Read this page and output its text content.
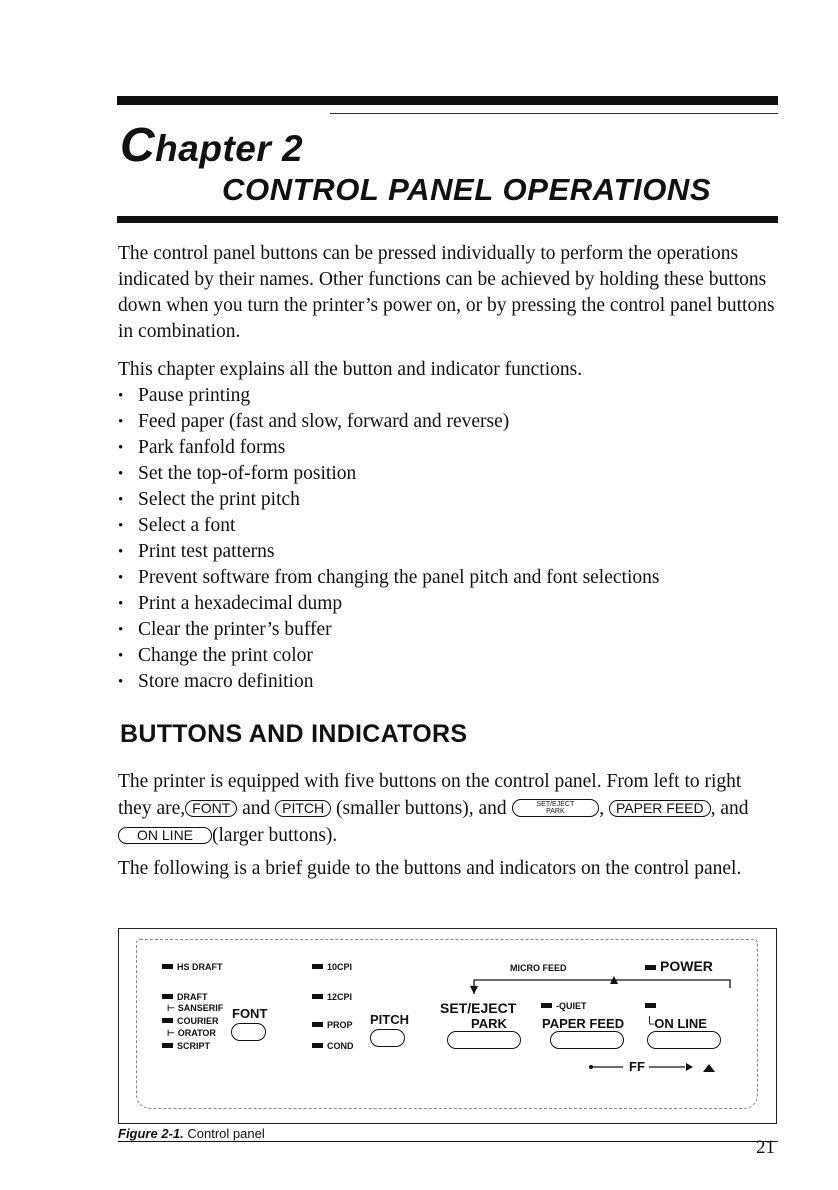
Chapter 2
CONTROL PANEL OPERATIONS
The control panel buttons can be pressed individually to perform the operations indicated by their names. Other functions can be achieved by holding these buttons down when you turn the printer’s power on, or by pressing the control panel buttons in combination.
This chapter explains all the button and indicator functions.
• Pause printing
• Feed paper (fast and slow, forward and reverse)
• Park fanfold forms
• Set the top-of-form position
• Select the print pitch
• Select a font
• Print test patterns
• Prevent software from changing the panel pitch and font selections
• Print a hexadecimal dump
• Clear the printer’s buffer
• Change the print color
• Store macro definition
BUTTONS AND INDICATORS
The printer is equipped with five buttons on the control panel. From left to right they are, FONT and PITCH (smaller buttons), and	SET/EJECT
PARK , PAPER FEED , and ON LINE (larger buttons).
The following is a brief guide to the buttons and indicators on the control panel.
HS DRAFT
DRAFT
⊢ SANSERIF
COURIER
⊢ ORATOR
SCRIPT
FONT
10CPI
12CPI
PROP
COND
PITCH
MICRO FEED
SET/EJECT
PARK
-QUIET
PAPER FEED
POWER
└ON LINE
FF
Figure 2-1. Control panel
21
